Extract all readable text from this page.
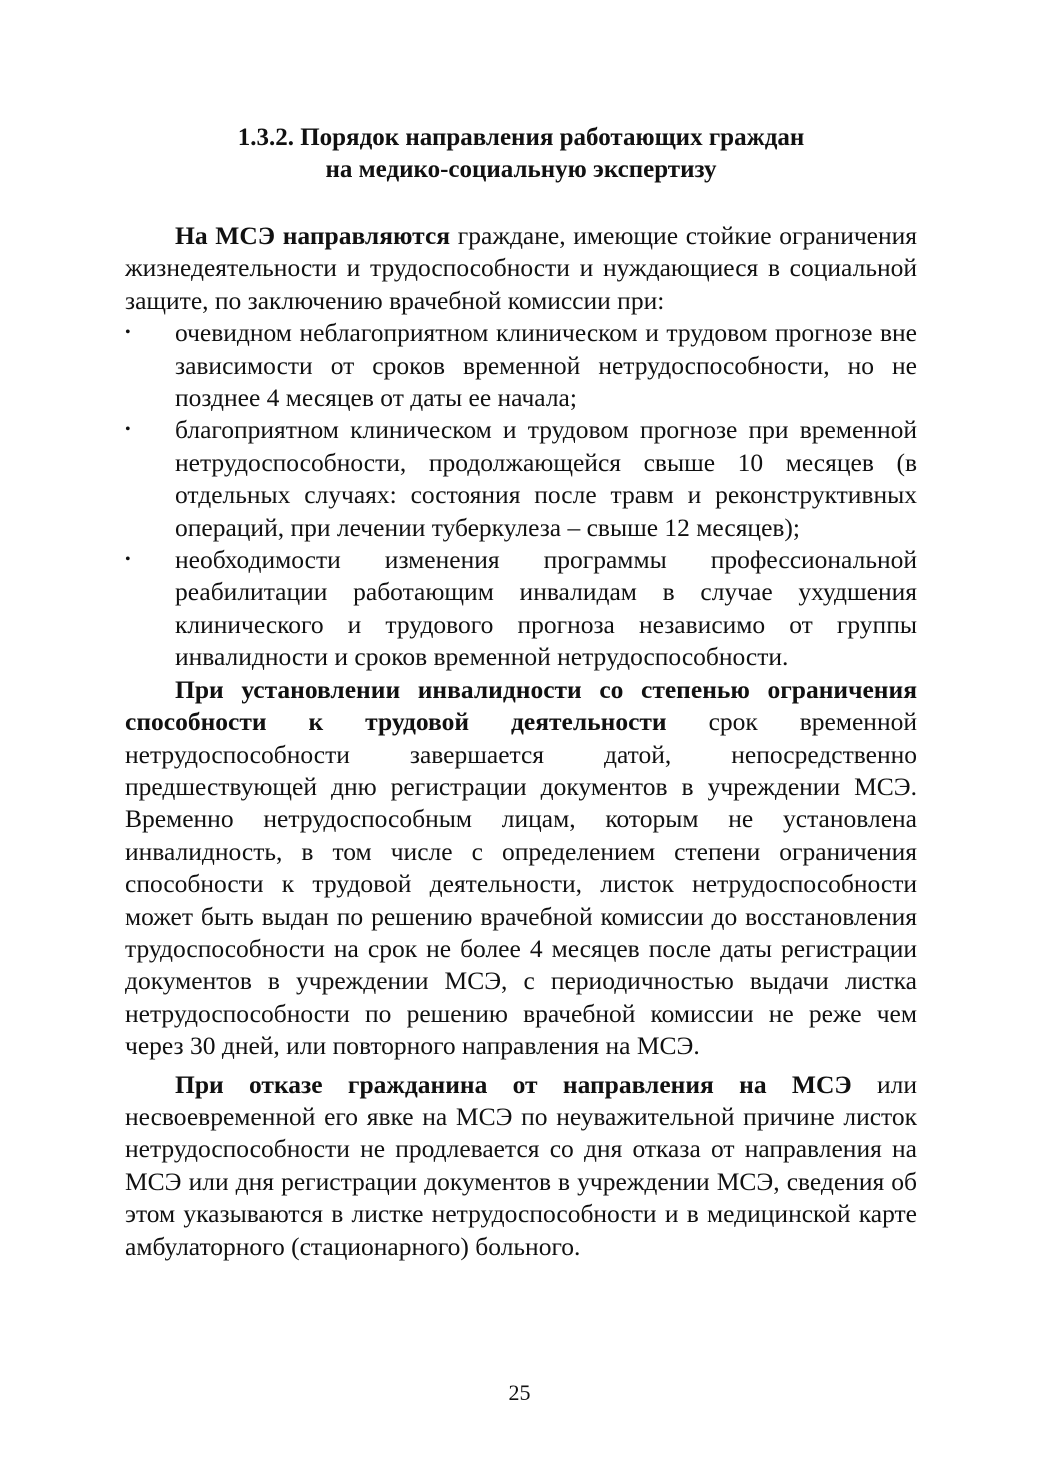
1.3.2. Порядок направления работающих граждан
на медико-социальную экспертизу

На МСЭ направляются граждане, имеющие стойкие ограничения жизнедеятельности и трудоспособности и нуждающиеся в социальной защите, по заключению врачебной комиссии при:

•	очевидном неблагоприятном клиническом и трудовом прогнозе вне зависимости от сроков временной нетрудоспособности, но не позднее 4 месяцев от даты ее начала;
•	благоприятном клиническом и трудовом прогнозе при временной нетрудоспособности, продолжающейся свыше 10 месяцев (в отдельных случаях: состояния после травм и реконструктивных операций, при лечении туберкулеза – свыше 12 месяцев);
•	необходимости изменения программы профессиональной реабилитации работающим инвалидам в случае ухудшения клинического и трудового прогноза независимо от группы инвалидности и сроков временной нетрудоспособности.

При установлении инвалидности со степенью ограничения способности к трудовой деятельности срок временной нетрудоспособности завершается датой, непосредственно предшествующей дню регистрации документов в учреждении МСЭ. Временно нетрудоспособным лицам, которым не установлена инвалидность, в том числе с определением степени ограничения способности к трудовой деятельности, листок нетрудоспособности может быть выдан по решению врачебной комиссии до восстановления трудоспособности на срок не более 4 месяцев после даты регистрации документов в учреждении МСЭ, с периодичностью выдачи листка нетрудоспособности по решению врачебной комиссии не реже чем через 30 дней, или повторного направления на МСЭ.

При отказе гражданина от направления на МСЭ или несвоевременной его явке на МСЭ по неуважительной причине листок нетрудоспособности не продлевается со дня отказа от направления на МСЭ или дня регистрации документов в учреждении МСЭ, сведения об этом указываются в листке нетрудоспособности и в медицинской карте амбулаторного (стационарного) больного.

25
